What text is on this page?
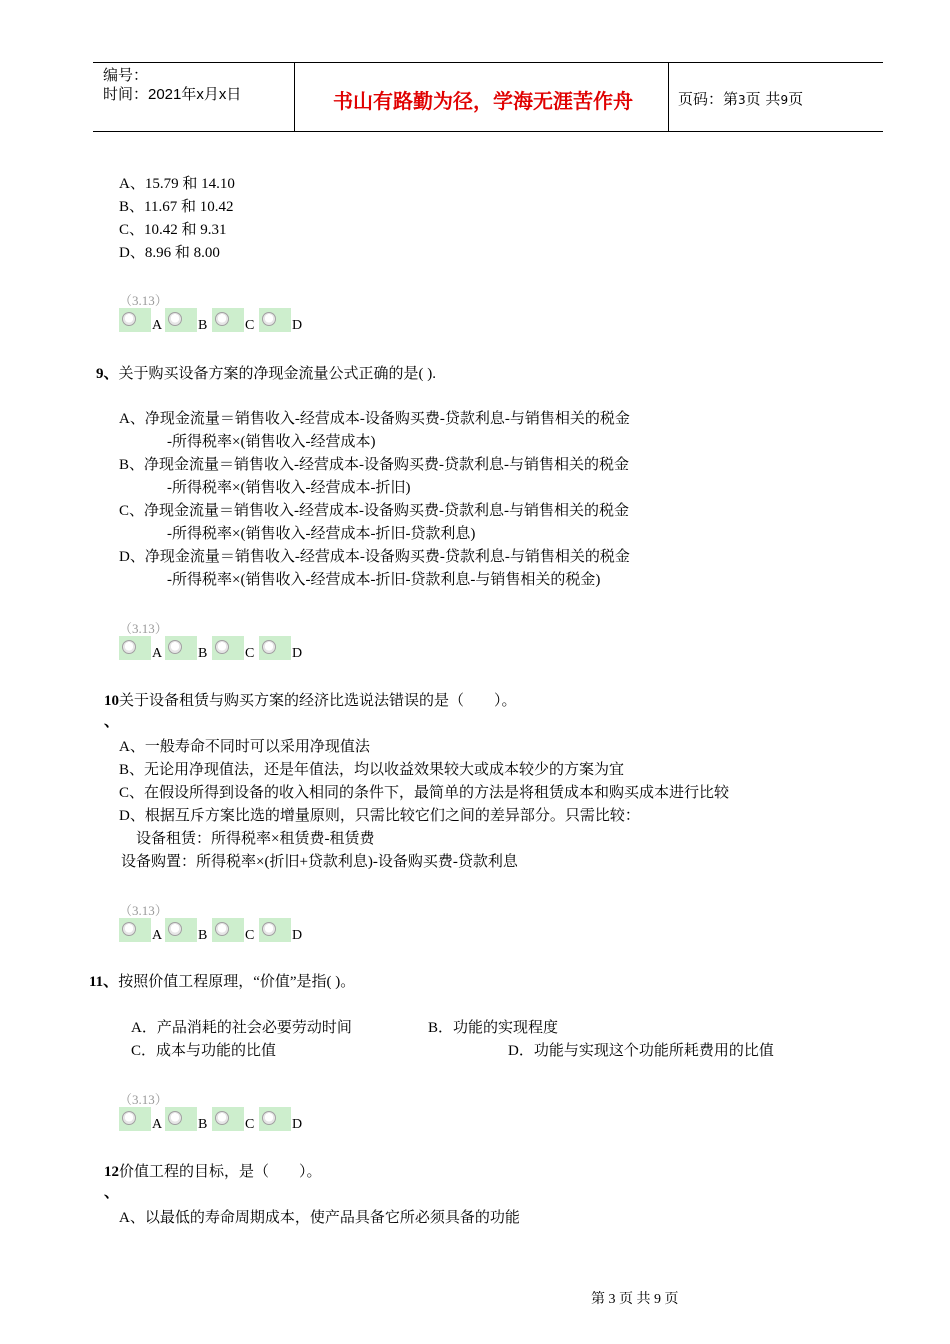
编号：
时间：2021年x月x日	书山有路勤为径，学海无涯苦作舟	页码：第3页 共9页
A、15.79 和 14.10
B、11.67 和 10.42
C、10.42 和 9.31
D、8.96 和 8.00
（3.13）
A	B	C	D
9、关于购买设备方案的净现金流量公式正确的是( ).
A、净现金流量＝销售收入-经营成本-设备购买费-贷款利息-与销售相关的税金
-所得税率×(销售收入-经营成本)
B、净现金流量＝销售收入-经营成本-设备购买费-贷款利息-与销售相关的税金
-所得税率×(销售收入-经营成本-折旧)
C、净现金流量＝销售收入-经营成本-设备购买费-贷款利息-与销售相关的税金
-所得税率×(销售收入-经营成本-折旧-贷款利息)
D、净现金流量＝销售收入-经营成本-设备购买费-贷款利息-与销售相关的税金
-所得税率×(销售收入-经营成本-折旧-贷款利息-与销售相关的税金)
（3.13）
A	B	C	D
10关于设备租赁与购买方案的经济比选说法错误的是（　　）。
、
A、一般寿命不同时可以采用净现值法
B、无论用净现值法，还是年值法，均以收益效果较大或成本较少的方案为宜
C、在假设所得到设备的收入相同的条件下，最简单的方法是将租赁成本和购买成本进行比较
D、根据互斥方案比选的增量原则，只需比较它们之间的差异部分。只需比较：
设备租赁：所得税率×租赁费-租赁费
设备购置：所得税率×(折旧+贷款利息)-设备购买费-贷款利息
（3.13）
A	B	C	D
11、按照价值工程原理，“价值”是指( )。
A．产品消耗的社会必要劳动时间	B．功能的实现程度
C．成本与功能的比值	D．功能与实现这个功能所耗费用的比值
（3.13）
A	B	C	D
12价值工程的目标，是（　　）。
、
A、以最低的寿命周期成本，使产品具备它所必须具备的功能
第 3 页 共 9 页
